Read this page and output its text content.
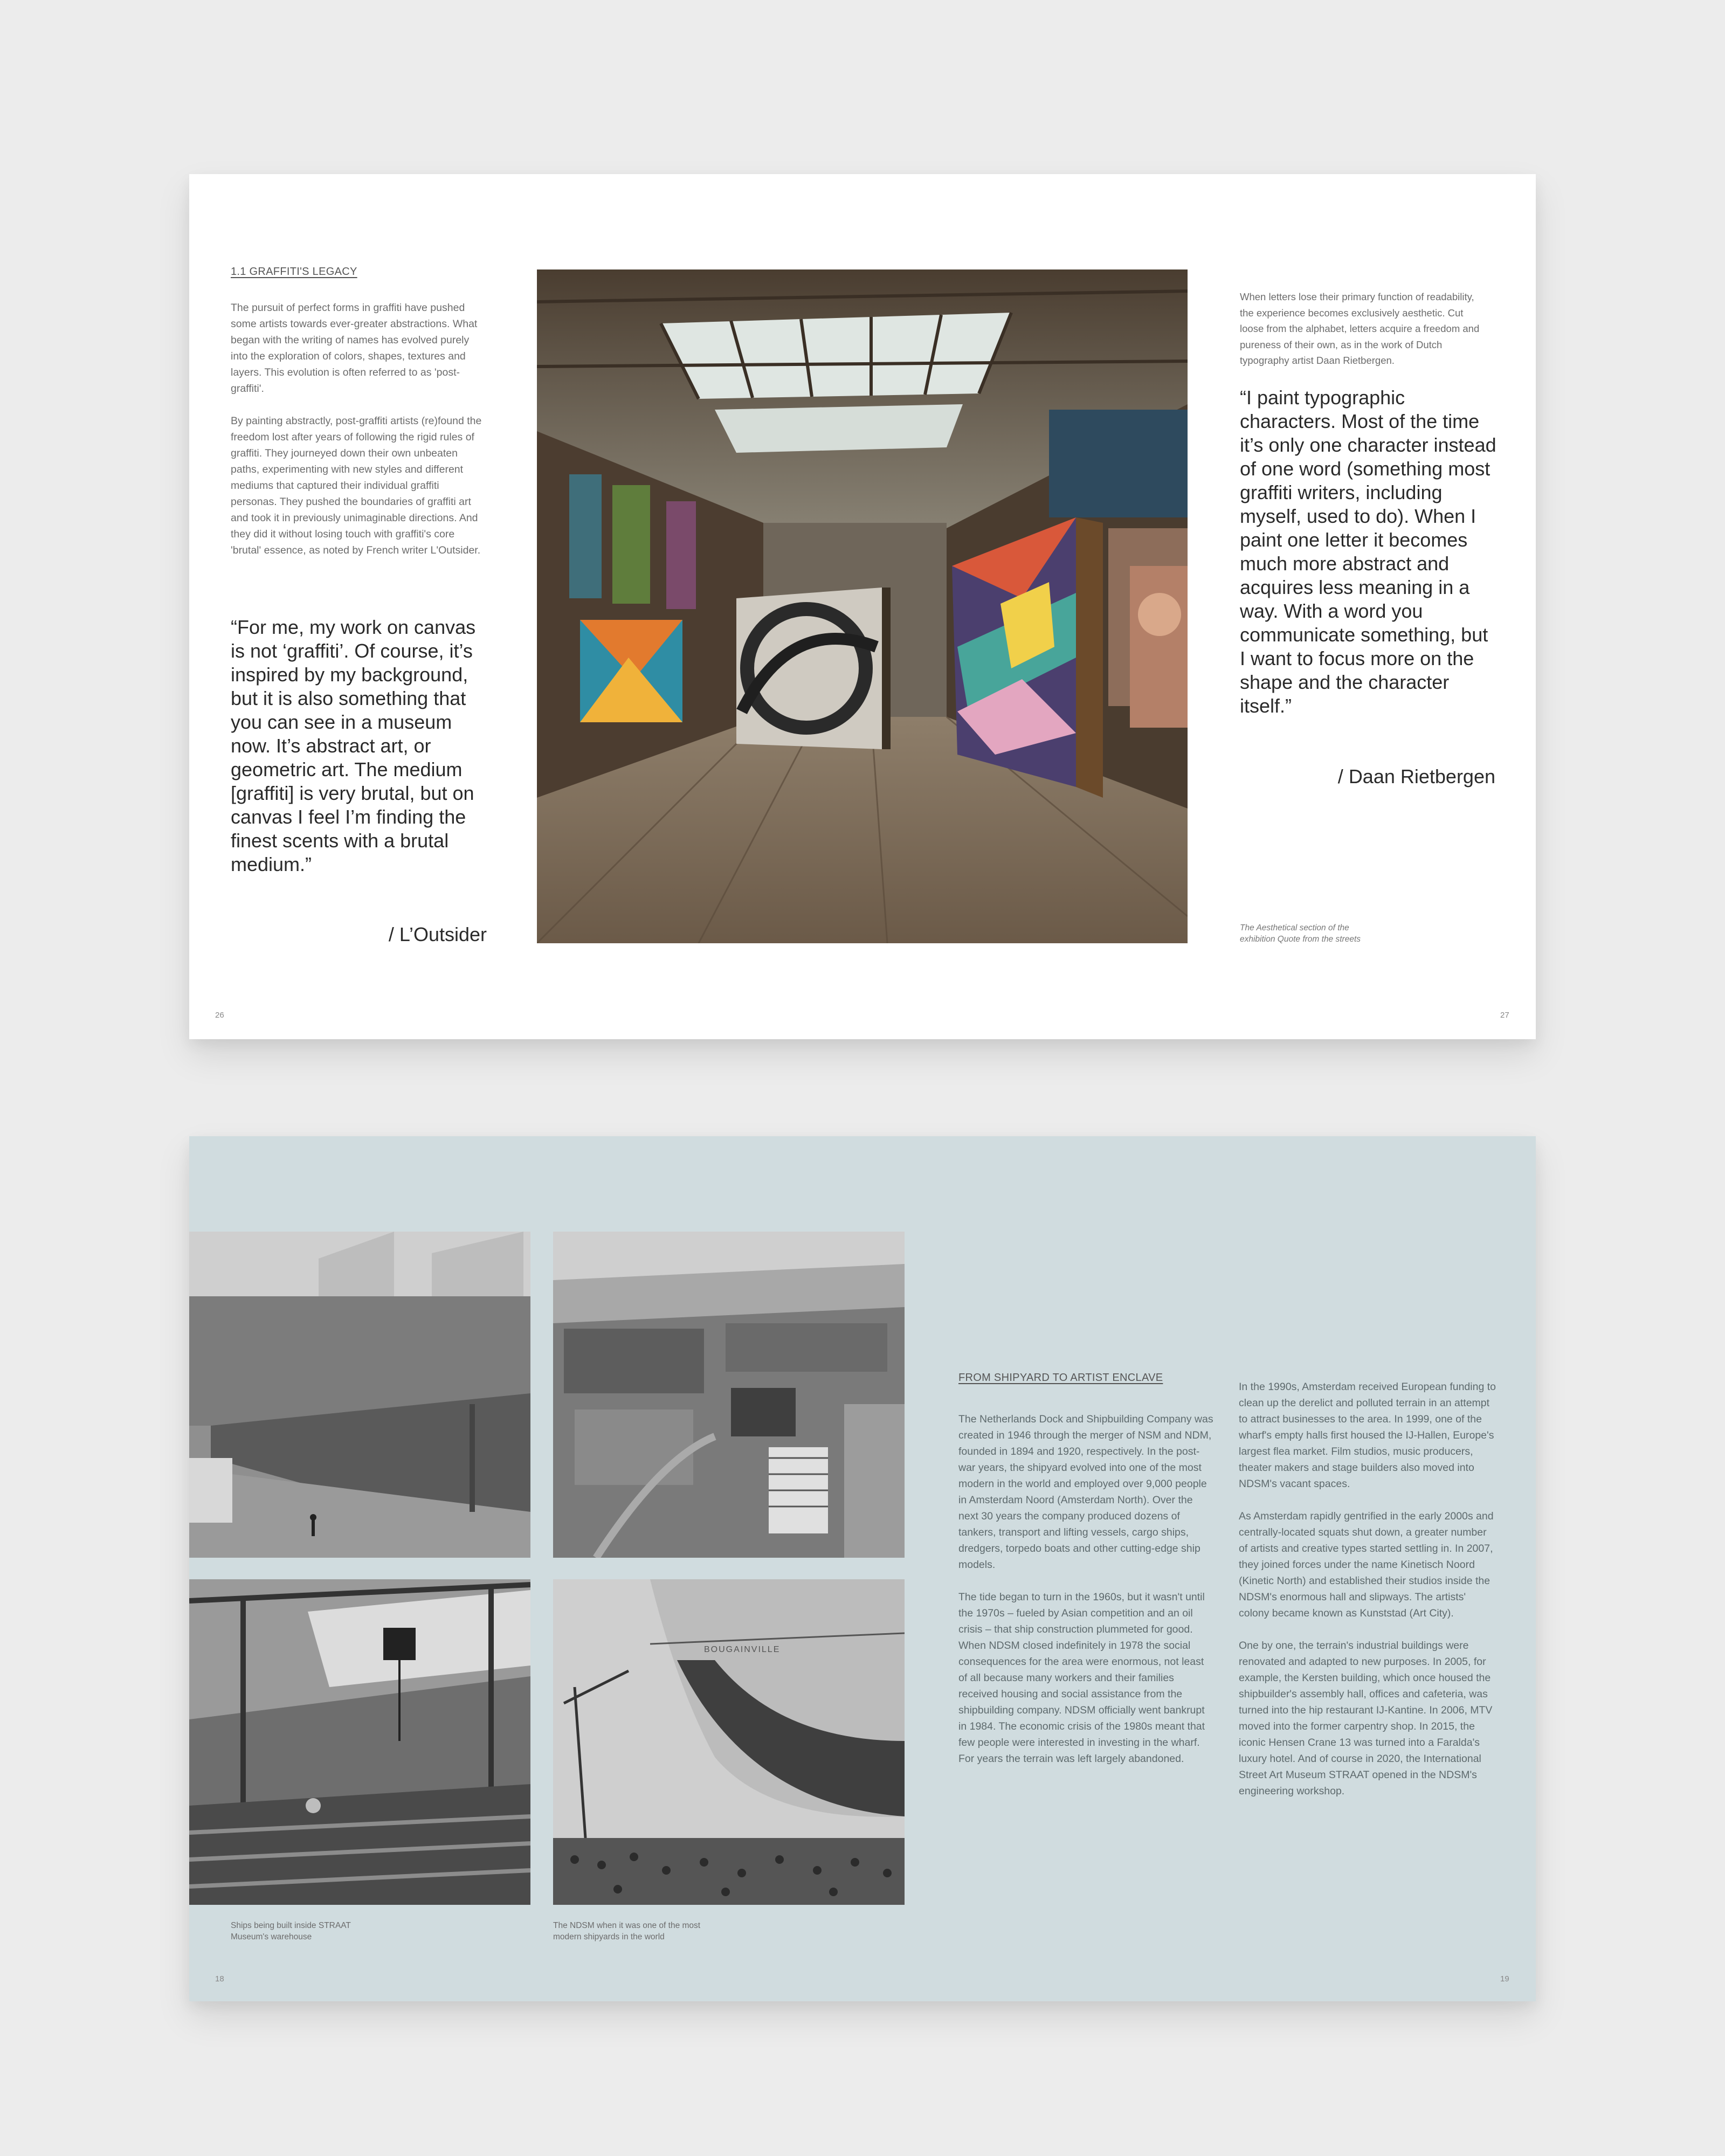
1.1 GRAFFITI'S LEGACY

The pursuit of perfect forms in graffiti have pushed some artists towards ever-greater abstractions. What began with the writing of names has evolved purely into the exploration of colors, shapes, textures and layers. This evolution is often referred to as 'post-graffiti'.

By painting abstractly, post-graffiti artists (re)found the freedom lost after years of following the rigid rules of graffiti. They journeyed down their own unbeaten paths, experimenting with new styles and different mediums that captured their individual graffiti personas. They pushed the boundaries of graffiti art and took it in previously unimaginable directions. And they did it without losing touch with graffiti's core 'brutal' essence, as noted by French writer L'Outsider.

“For me, my work on canvas is not ‘graffiti’. Of course, it’s inspired by my background, but it is also something that you can see in a museum now. It’s abstract art, or geometric art. The medium [graffiti] is very brutal, but on canvas I feel I’m finding the finest scents with a brutal medium.”

/ L’Outsider

26

When letters lose their primary function of readability, the experience becomes exclusively aesthetic. Cut loose from the alphabet, letters acquire a freedom and pureness of their own, as in the work of Dutch typography artist Daan Rietbergen.

“I paint typographic characters. Most of the time it’s only one character instead of one word (something most graffiti writers, including myself, used to do). When I paint one letter it becomes much more abstract and acquires less meaning in a way. With a word you communicate something, but I want to focus more on the shape and the character itself.”

/ Daan Rietbergen

The Aesthetical section of the exhibition Quote from the streets

27
BOUGAINVILLE

Ships being built inside STRAAT Museum's warehouse

The NDSM when it was one of the most modern shipyards in the world

FROM SHIPYARD TO ARTIST ENCLAVE

The Netherlands Dock and Shipbuilding Company was created in 1946 through the merger of NSM and NDM, founded in 1894 and 1920, respectively. In the post-war years, the shipyard evolved into one of the most modern in the world and employed over 9,000 people in Amsterdam Noord (Amsterdam North). Over the next 30 years the company produced dozens of tankers, transport and lifting vessels, cargo ships, dredgers, torpedo boats and other cutting-edge ship models.

The tide began to turn in the 1960s, but it wasn't until the 1970s – fueled by Asian competition and an oil crisis – that ship construction plummeted for good. When NDSM closed indefinitely in 1978 the social consequences for the area were enormous, not least of all because many workers and their families received housing and social assistance from the shipbuilding company. NDSM officially went bankrupt in 1984. The economic crisis of the 1980s meant that few people were interested in investing in the wharf. For years the terrain was left largely abandoned.

In the 1990s, Amsterdam received European funding to clean up the derelict and polluted terrain in an attempt to attract businesses to the area. In 1999, one of the wharf's empty halls first housed the IJ-Hallen, Europe's largest flea market. Film studios, music producers, theater makers and stage builders also moved into NDSM's vacant spaces.

As Amsterdam rapidly gentrified in the early 2000s and centrally-located squats shut down, a greater number of artists and creative types started settling in. In 2007, they joined forces under the name Kinetisch Noord (Kinetic North) and established their studios inside the NDSM's enormous hall and slipways. The artists' colony became known as Kunststad (Art City).

One by one, the terrain's industrial buildings were renovated and adapted to new purposes. In 2005, for example, the Kersten building, which once housed the shipbuilder's assembly hall, offices and cafeteria, was turned into the hip restaurant IJ-Kantine. In 2006, MTV moved into the former carpentry shop. In 2015, the iconic Hensen Crane 13 was turned into a Faralda's luxury hotel. And of course in 2020, the International Street Art Museum STRAAT opened in the NDSM's engineering workshop.

18	19
